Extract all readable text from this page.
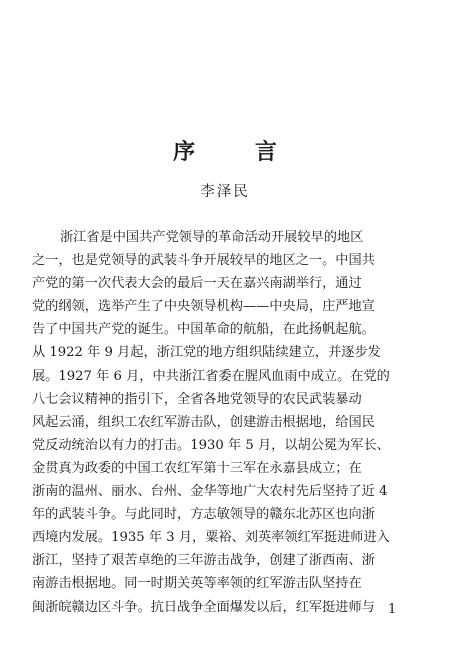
序 言
李泽民
浙江省是中国共产党领导的革命活动开展较早的地区
之一，也是党领导的武装斗争开展较早的地区之一。中国共
产党的第一次代表大会的最后一天在嘉兴南湖举行，通过
党的纲领，选举产生了中央领导机构——中央局，庄严地宣
告了中国共产党的诞生。中国革命的航船，在此扬帆起航。
从 1922 年 9 月起，浙江党的地方组织陆续建立，并逐步发
展。1927 年 6 月，中共浙江省委在腥风血雨中成立。在党的
八七会议精神的指引下，全省各地党领导的农民武装暴动
风起云涌，组织工农红军游击队，创建游击根据地，给国民
党反动统治以有力的打击。1930 年 5 月，以胡公冕为军长、
金贯真为政委的中国工农红军第十三军在永嘉县成立；在
浙南的温州、丽水、台州、金华等地广大农村先后坚持了近 4
年的武装斗争。与此同时，方志敏领导的赣东北苏区也向浙
西境内发展。1935 年 3 月，粟裕、刘英率领红军挺进师进入
浙江，坚持了艰苦卓绝的三年游击战争，创建了浙西南、浙
南游击根据地。同一时期关英等率领的红军游击队坚持在
闽浙皖赣边区斗争。抗日战争全面爆发以后，红军挺进师与	1
